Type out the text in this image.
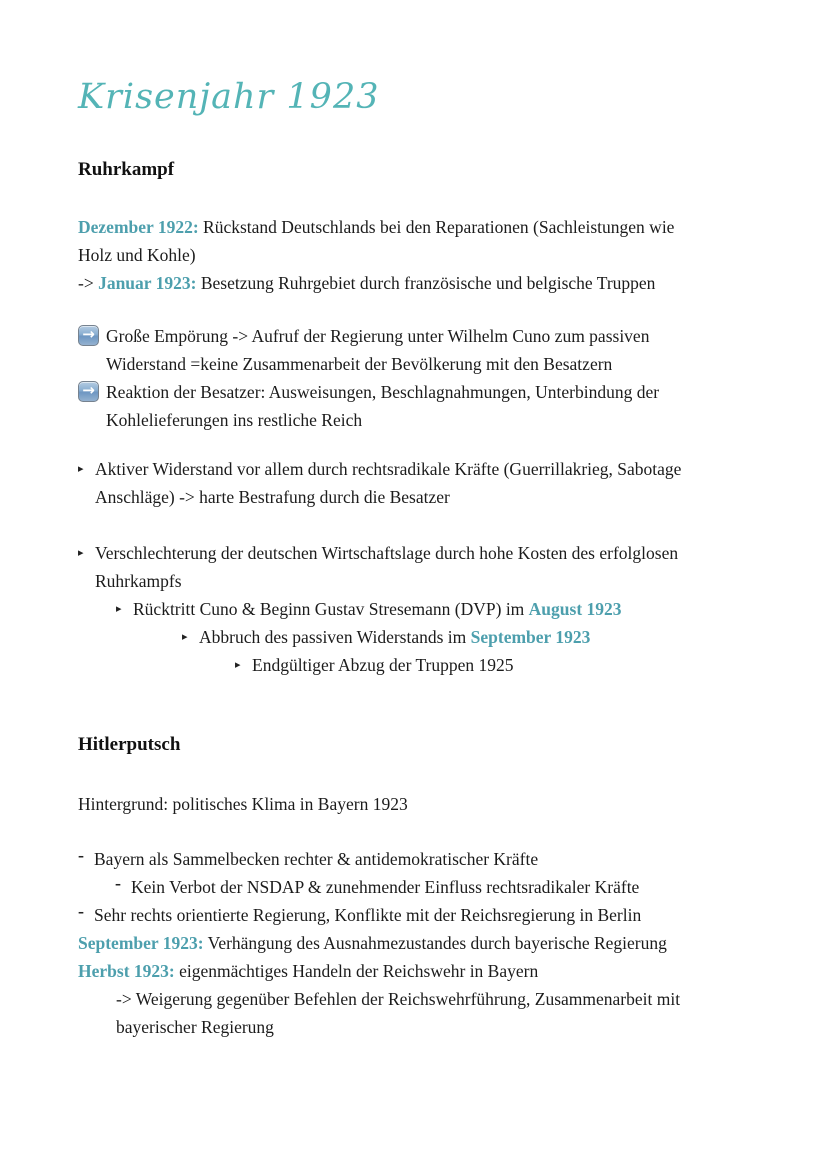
Krisenjahr 1923
Ruhrkampf
Dezember 1922: Rückstand Deutschlands bei den Reparationen (Sachleistungen wie
Holz und Kohle)
-> Januar 1923: Besetzung Ruhrgebiet durch französische und belgische Truppen
→ Große Empörung -> Aufruf der Regierung unter Wilhelm Cuno zum passiven
Widerstand =keine Zusammenarbeit der Bevölkerung mit den Besatzern
→ Reaktion der Besatzer: Ausweisungen, Beschlagnahmungen, Unterbindung der
Kohlelieferungen ins restliche Reich
▸ Aktiver Widerstand vor allem durch rechtsradikale Kräfte (Guerrillakrieg, Sabotage
Anschläge) -> harte Bestrafung durch die Besatzer
▸ Verschlechterung der deutschen Wirtschaftslage durch hohe Kosten des erfolglosen
Ruhrkampfs
▸ Rücktritt Cuno & Beginn Gustav Stresemann (DVP) im August 1923
▸ Abbruch des passiven Widerstands im September 1923
▸ Endgültiger Abzug der Truppen 1925
Hitlerputsch
Hintergrund: politisches Klima in Bayern 1923
- Bayern als Sammelbecken rechter & antidemokratischer Kräfte
- Kein Verbot der NSDAP & zunehmender Einfluss rechtsradikaler Kräfte
- Sehr rechts orientierte Regierung, Konflikte mit der Reichsregierung in Berlin
September 1923: Verhängung des Ausnahmezustandes durch bayerische Regierung
Herbst 1923: eigenmächtiges Handeln der Reichswehr in Bayern
-> Weigerung gegenüber Befehlen der Reichswehrführung, Zusammenarbeit mit
bayerischer Regierung
